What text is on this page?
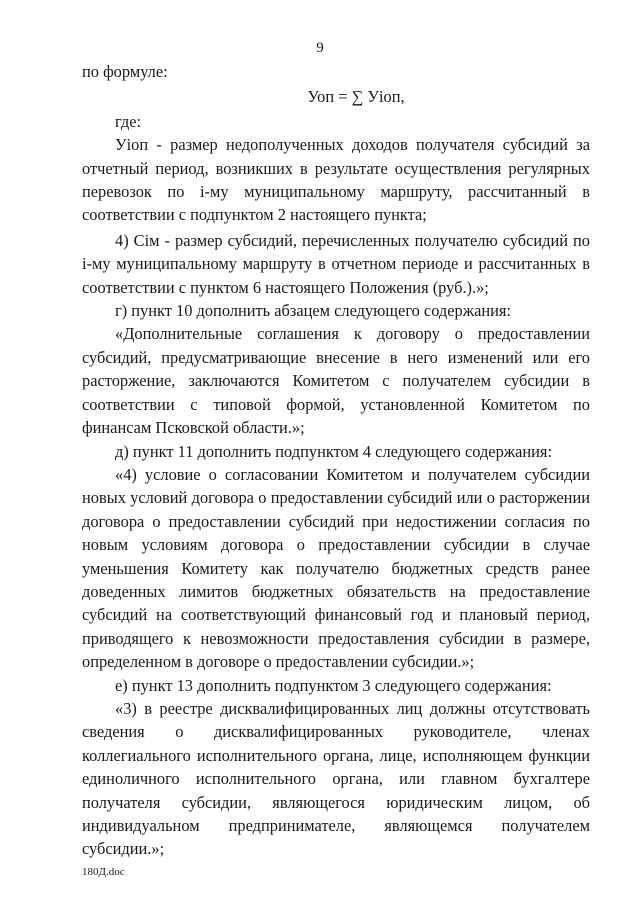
9

по формуле:

Уоп = ∑ Уiоп,

где:

Уiоп - размер недополученных доходов получателя субсидий за отчетный период, возникших в результате осуществления регулярных перевозок по i-му муниципальному маршруту, рассчитанный в соответствии с подпунктом 2 настоящего пункта;

4) Сiм - размер субсидий, перечисленных получателю субсидий по i-му муниципальному маршруту в отчетном периоде и рассчитанных в соответствии с пунктом 6 настоящего Положения (руб.).»;

г) пункт 10 дополнить абзацем следующего содержания:

«Дополнительные соглашения к договору о предоставлении субсидий, предусматривающие внесение в него изменений или его расторжение, заключаются Комитетом с получателем субсидии в соответствии с типовой формой, установленной Комитетом по финансам Псковской области.»;

д) пункт 11 дополнить подпунктом 4 следующего содержания:

«4) условие о согласовании Комитетом и получателем субсидии новых условий договора о предоставлении субсидий или о расторжении договора о предоставлении субсидий при недостижении согласия по новым условиям договора о предоставлении субсидии в случае уменьшения Комитету как получателю бюджетных средств ранее доведенных лимитов бюджетных обязательств на предоставление субсидий на соответствующий финансовый год и плановый период, приводящего к невозможности предоставления субсидии в размере, определенном в договоре о предоставлении субсидии.»;

е) пункт 13 дополнить подпунктом 3 следующего содержания:

«3) в реестре дисквалифицированных лиц должны отсутствовать сведения о дисквалифицированных руководителе, членах коллегиального исполнительного органа, лице, исполняющем функции единоличного исполнительного органа, или главном бухгалтере получателя субсидии, являющегося юридическим лицом, об индивидуальном предпринимателе, являющемся получателем субсидии.»;

180Д.doc
